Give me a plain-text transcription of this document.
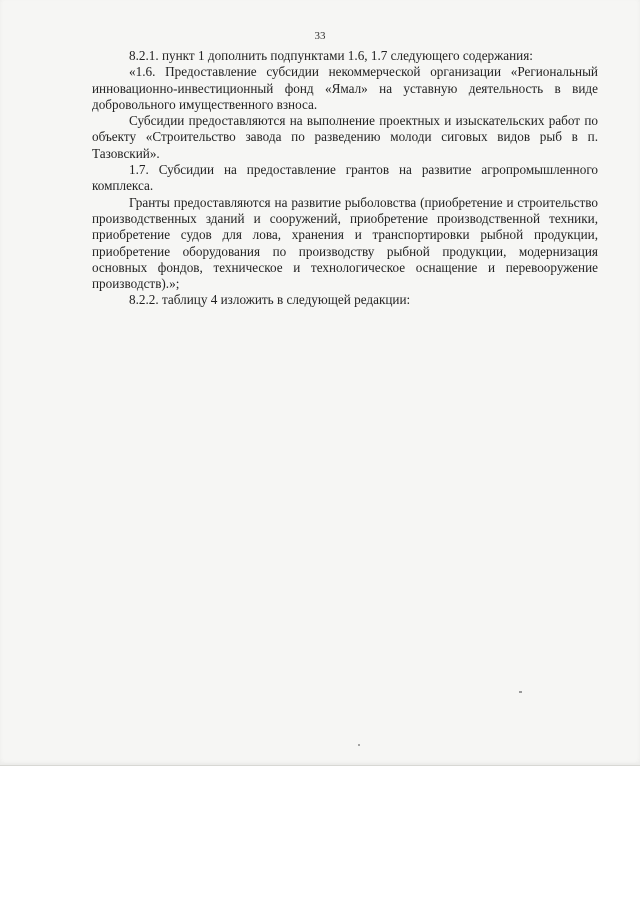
33

8.2.1. пункт 1 дополнить подпунктами 1.6, 1.7 следующего содержания:

«1.6. Предоставление субсидии некоммерческой организации «Региональный инновационно-инвестиционный фонд «Ямал» на уставную деятельность в виде добровольного имущественного взноса.

Субсидии предоставляются на выполнение проектных и изыскательских работ по объекту «Строительство завода по разведению молоди сиговых видов рыб в п. Тазовский».

1.7. Субсидии на предоставление грантов на развитие агропромышленного комплекса.

Гранты предоставляются на развитие рыболовства (приобретение и строительство производственных зданий и сооружений, приобретение производственной техники, приобретение судов для лова, хранения и транспортировки рыбной продукции, приобретение оборудования по производству рыбной продукции, модернизация основных фондов, техническое и технологическое оснащение и перевооружение производств).»;

8.2.2. таблицу 4 изложить в следующей редакции:
